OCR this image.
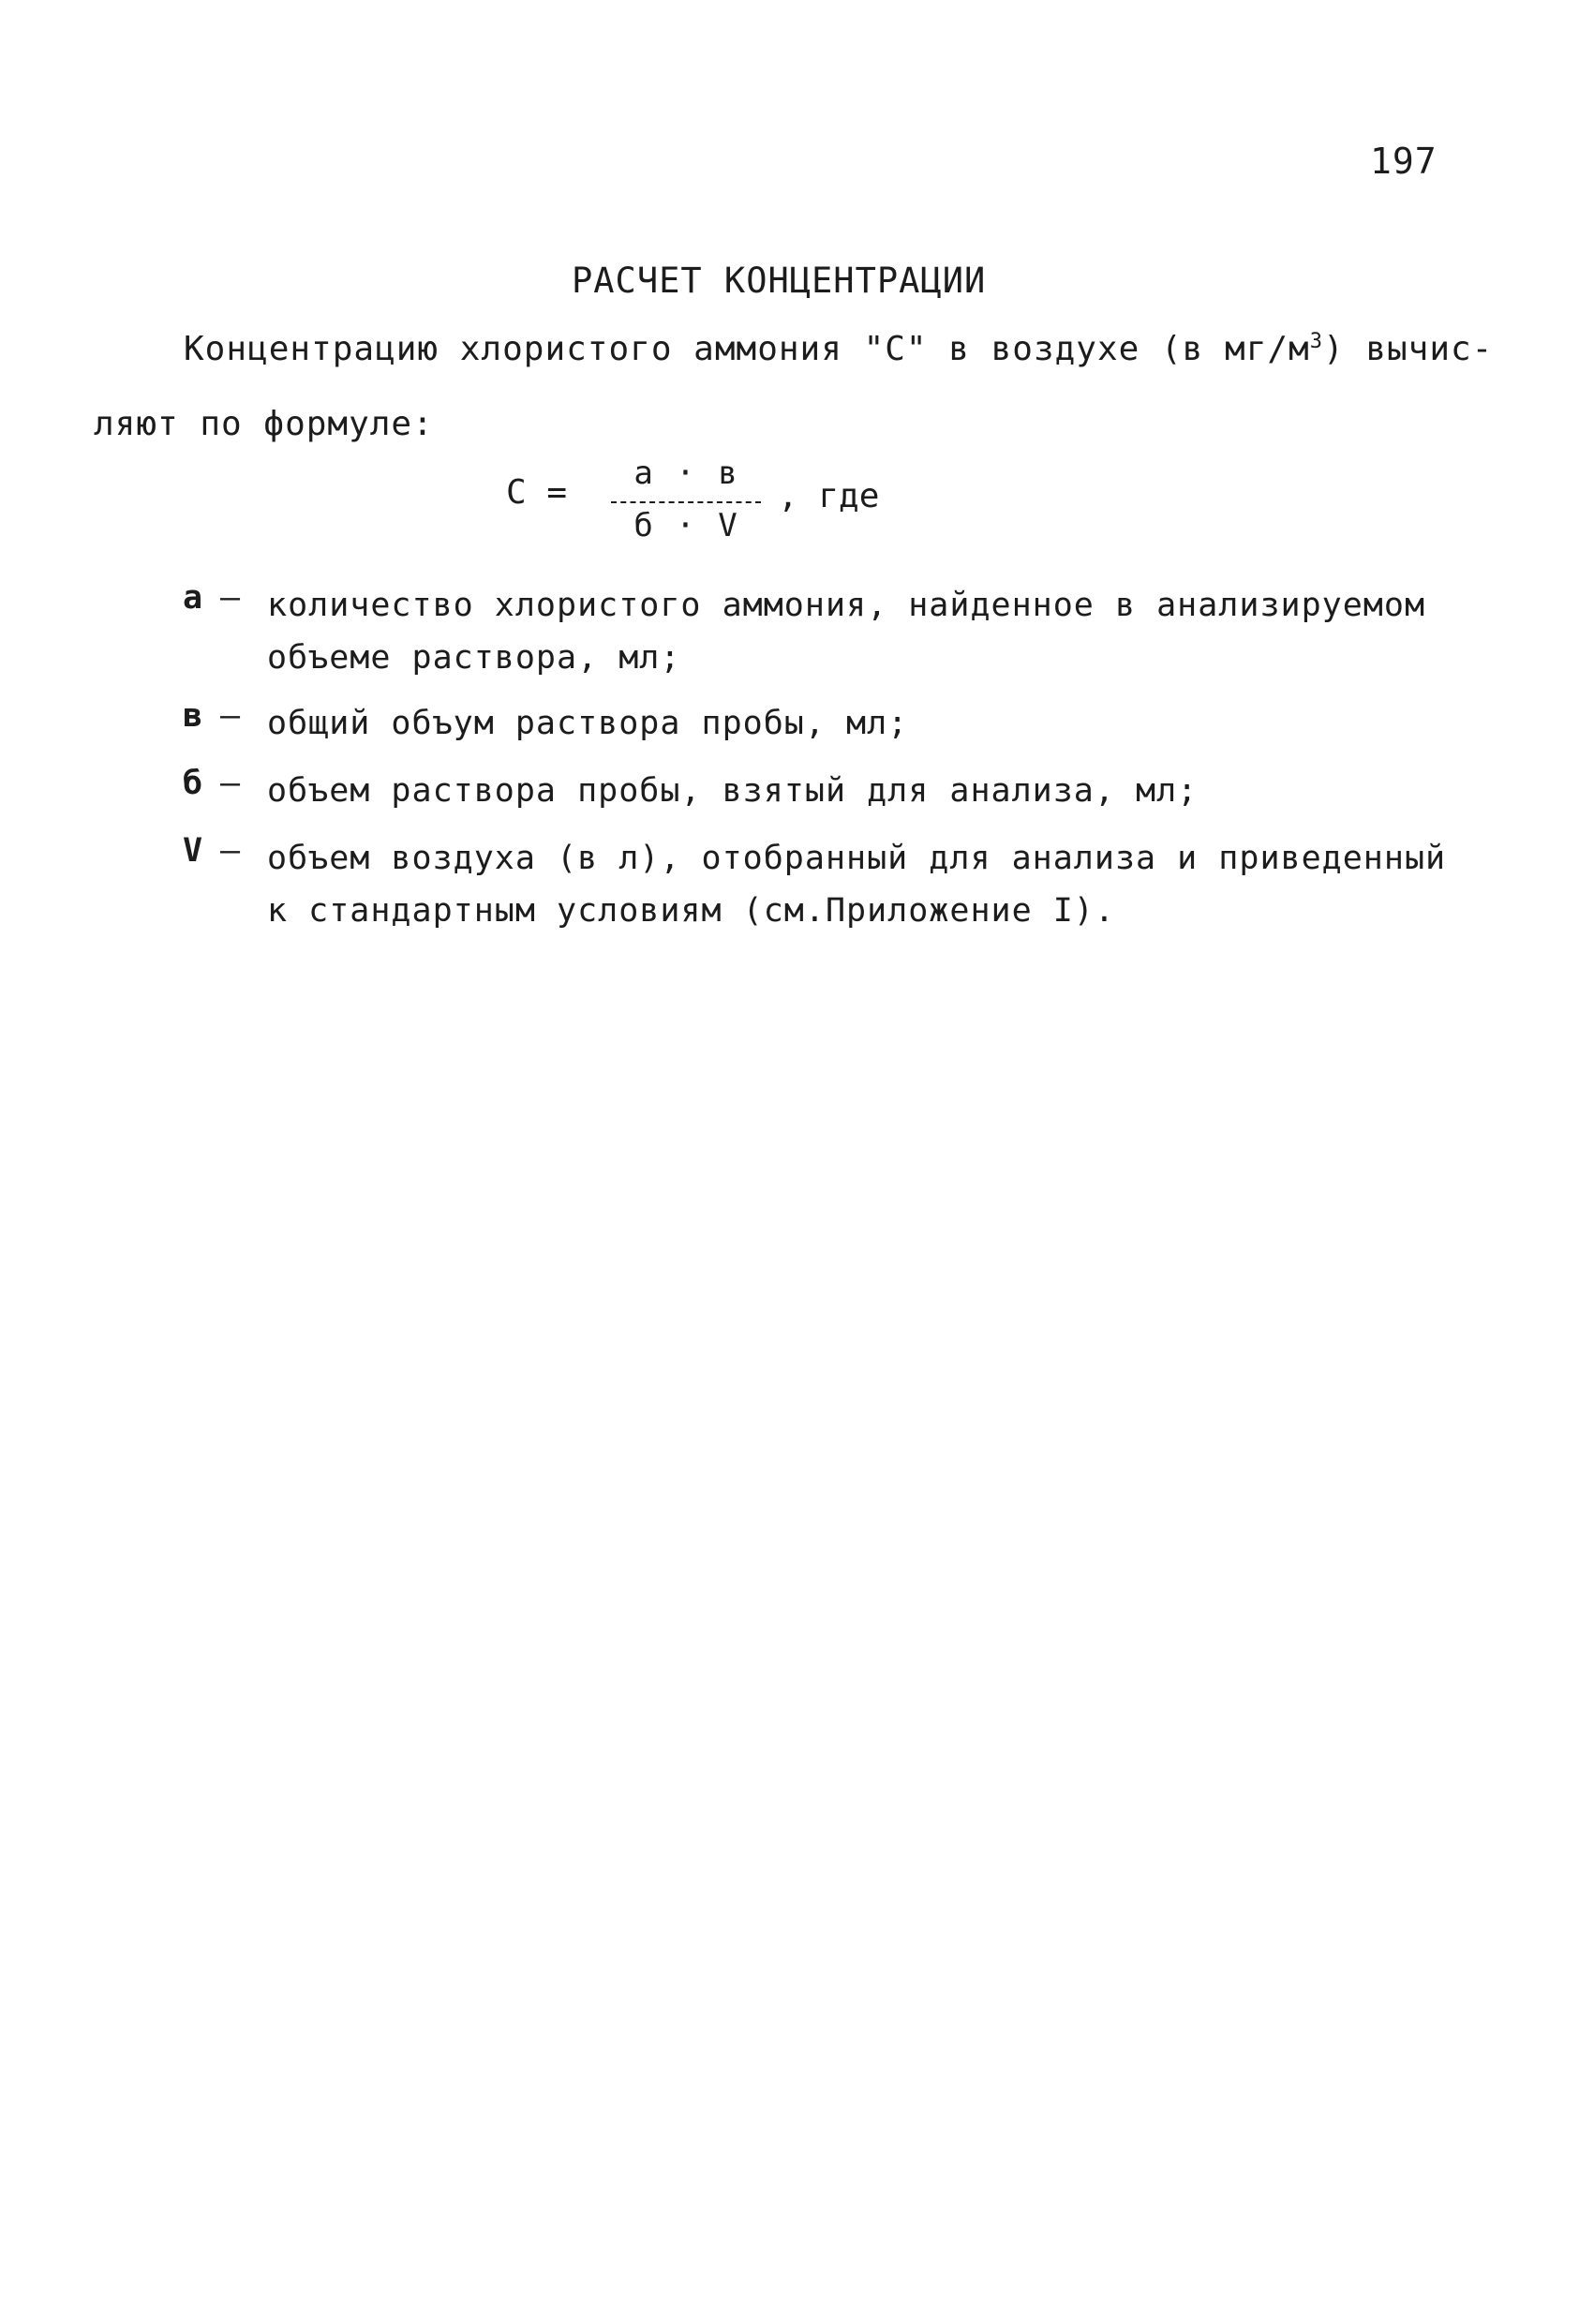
197
РАСЧЕТ КОНЦЕНТРАЦИИ
Концентрацию хлористого аммония "С" в воздухе (в $мг/м^3$) вычис-
ляют по формуле:
С =	а · в
б · V
, где
а – количество хлористого аммония, найденное в анализируемом объеме раствора, мл;
в – общий объум раствора пробы, мл;
б – объем раствора пробы, взятый для анализа, мл;
V – объем воздуха (в л), отобранный для анализа и приведенный к стандартным условиям (см.Приложение I).
